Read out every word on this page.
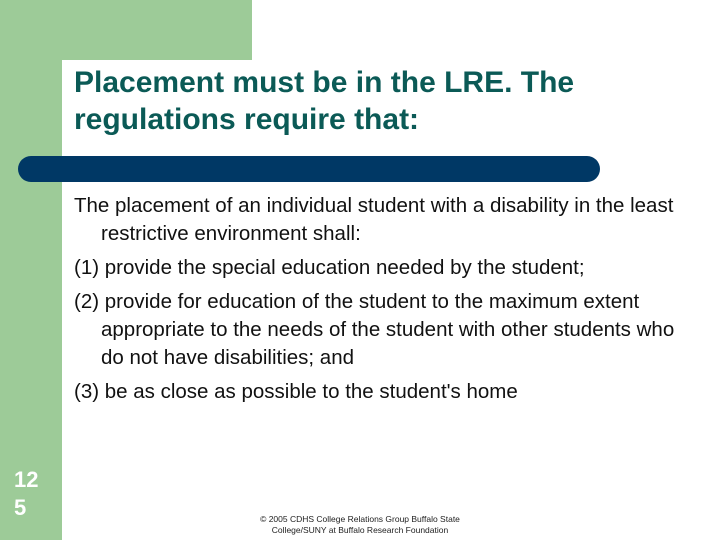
Placement must be in the LRE. The
regulations require that:

The placement of an individual student with a disability in the least restrictive environment shall:

(1) provide the special education needed by the student;

(2) provide for education of the student to the maximum extent appropriate to the needs of the student with other students who do not have disabilities; and

(3) be as close as possible to the student's home

12
5	© 2005 CDHS College Relations Group Buffalo State
College/SUNY at Buffalo Research Foundation
